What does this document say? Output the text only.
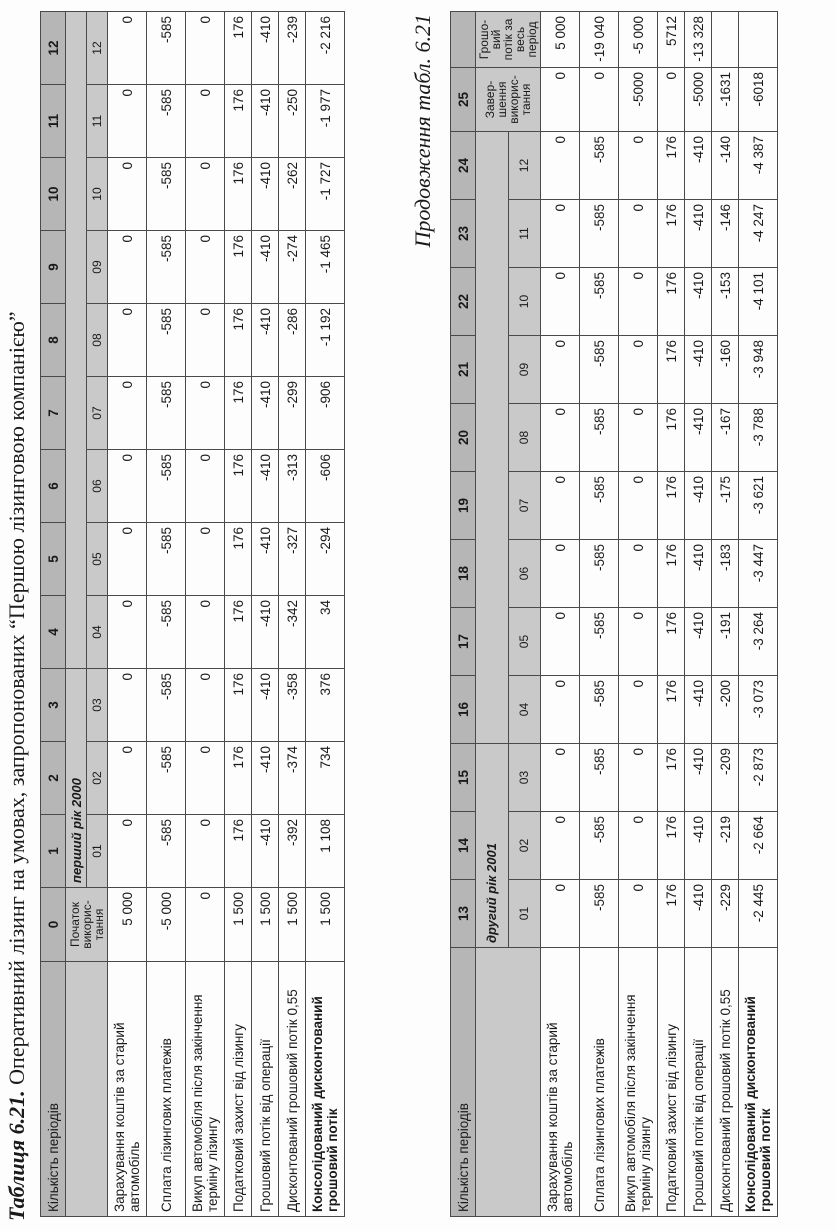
Таблиця 6.21. Оперативний лізинг на умовах, запропонованих “Першою лізинговою компанією”
Кількість періодів	0	1	2	3	4	5	6	7	8	9	10	11	12
	Початок викорис- тання	перший рік 2000											
		01	02	03	04	05	06	07	08	09	10	11	12
Зарахування коштів за старий автомобіль	5 000	0	0	0	0	0	0	0	0	0	0	0	0
Сплата лізингових платежів	-5 000	-585	-585	-585	-585	-585	-585	-585	-585	-585	-585	-585	-585
Викуп автомобіля після закінчення терміну лізингу	0	0	0	0	0	0	0	0	0	0	0	0	0
Податковий захист від лізингу	1 500	176	176	176	176	176	176	176	176	176	176	176	176
Грошовий потік від операції	1 500	-410	-410	-410	-410	-410	-410	-410	-410	-410	-410	-410	-410
Дисконтований грошовий потік 0,55	1 500	-392	-374	-358	-342	-327	-313	-299	-286	-274	-262	-250	-239
Консолідований дисконтований грошовий потік	1 500	1 108	734	376	34	-294	-606	-906	-1 192	-1 465	-1 727	-1 977	-2 216	Продовження табл. 6.21
Кількість періодів	13	14	15	16	17	18	19	20	21	22	23	24	25	
	другий рік 2001												Завер- шення викорис- тання	Грошо- вий потік за весь період
	01	02	03	04	05	06	07	08	09	10	11	12		
Зарахування коштів за старий автомобіль	0	0	0	0	0	0	0	0	0	0	0	0	0	5 000
Сплата лізингових платежів	-585	-585	-585	-585	-585	-585	-585	-585	-585	-585	-585	-585	0	-19 040
Викуп автомобіля після закінчення терміну лізингу	0	0	0	0	0	0	0	0	0	0	0	0	-5000	-5 000
Податковий захист від лізингу	176	176	176	176	176	176	176	176	176	176	176	176	0	5712
Грошовий потік від операції	-410	-410	-410	-410	-410	-410	-410	-410	-410	-410	-410	-410	-5000	-13 328
Дисконтований грошовий потік 0,55	-229	-219	-209	-200	-191	-183	-175	-167	-160	-153	-146	-140	-1631	
Консолідований дисконтований грошовий потік	-2 445	-2 664	-2 873	-3 073	-3 264	-3 447	-3 621	-3 788	-3 948	-4 101	-4 247	-4 387	-6018	
